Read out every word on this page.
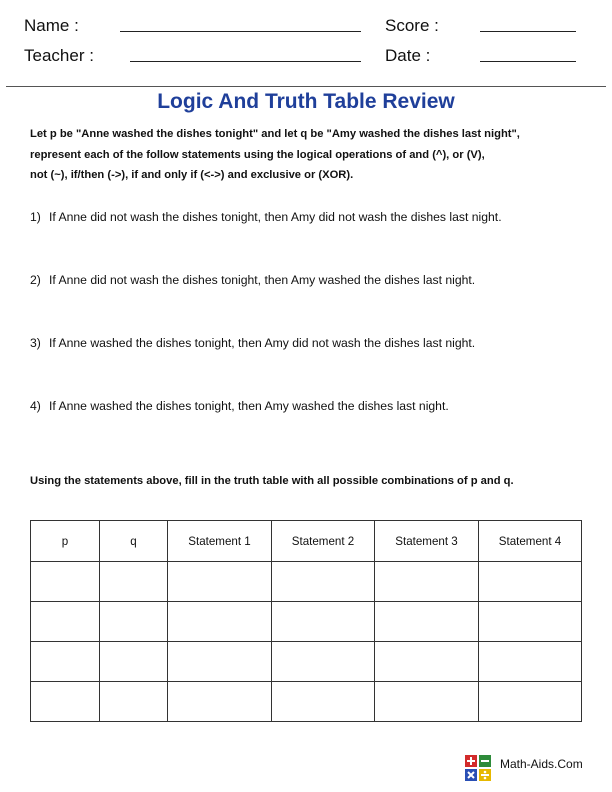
Name :
Teacher :
Score :
Date :
Logic And Truth Table Review
Let p be "Anne washed the dishes tonight" and let q be "Amy washed the dishes last night",
represent each of the follow statements using the logical operations of and (^), or (V),
not (~), if/then (->), if and only if (<->) and exclusive or (XOR).
1) If Anne did not wash the dishes tonight, then Amy did not wash the dishes last night.
2) If Anne did not wash the dishes tonight, then Amy washed the dishes last night.
3) If Anne washed the dishes tonight, then Amy did not wash the dishes last night.
4) If Anne washed the dishes tonight, then Amy washed the dishes last night.
Using the statements above, fill in the truth table with all possible combinations of p and q.
p	q	Statement 1	Statement 2	Statement 3	Statement 4

Math-Aids.Com
